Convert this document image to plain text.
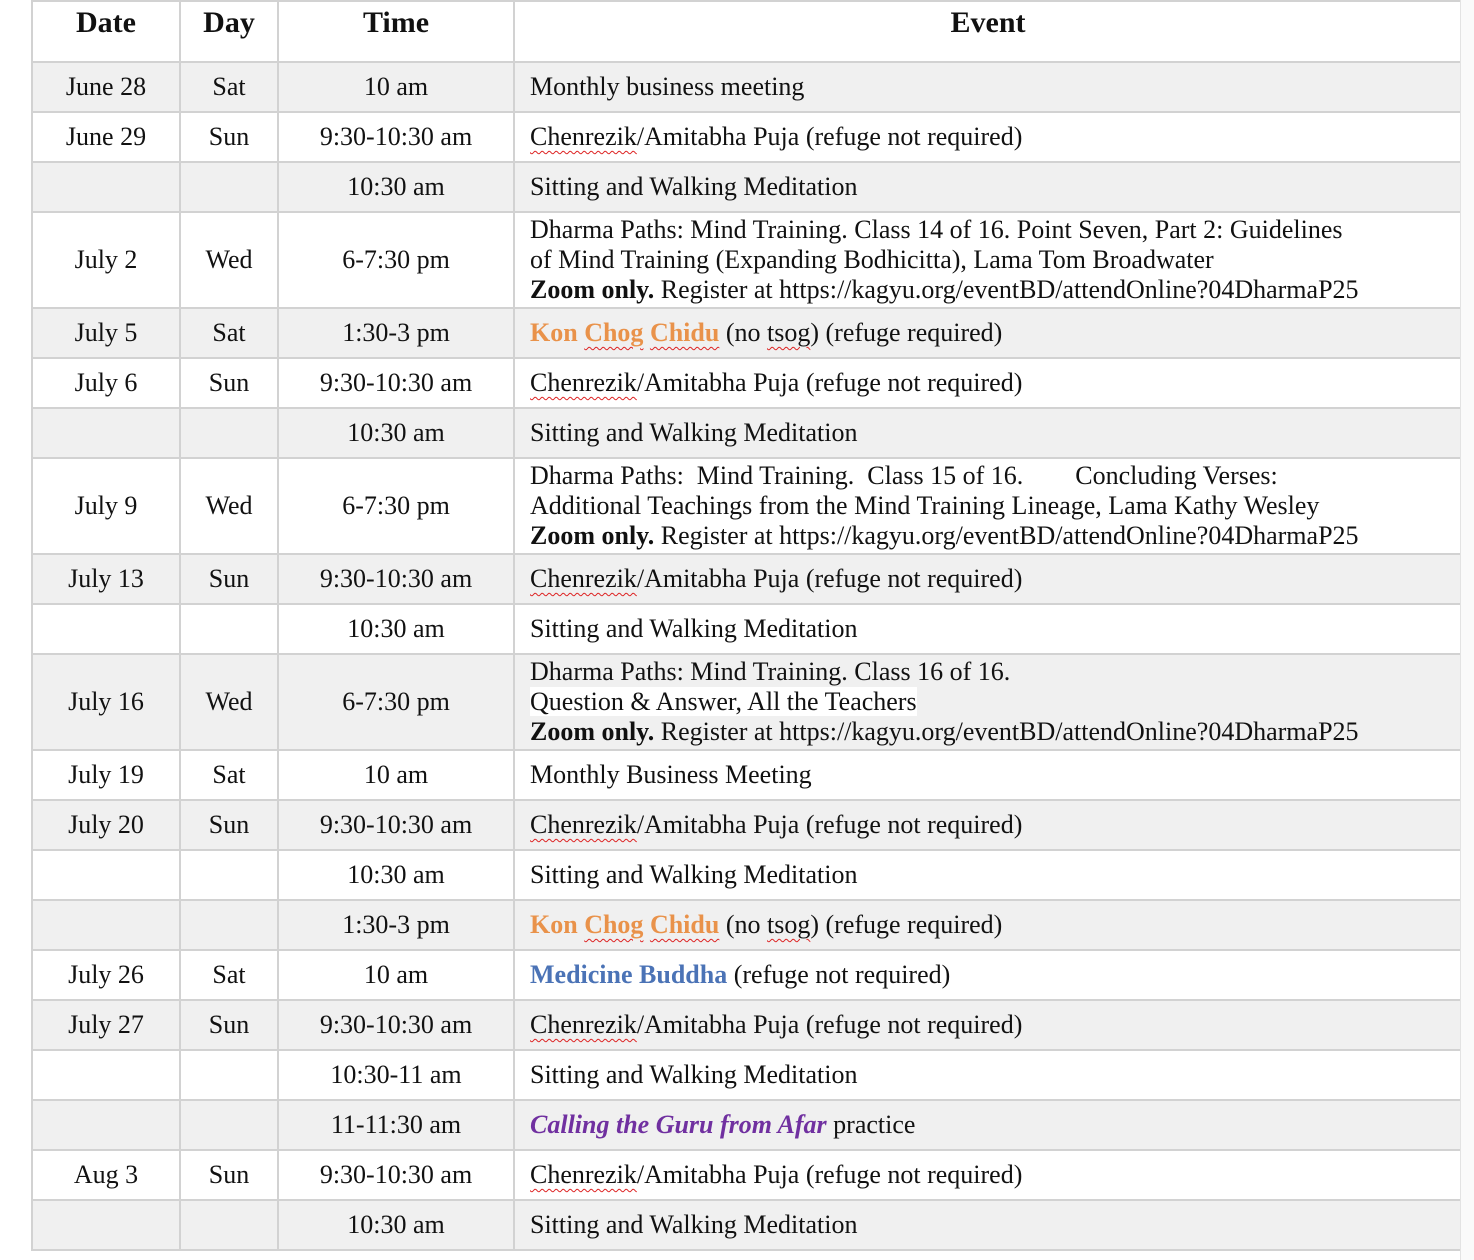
Date	Day	Time	Event
June 28	Sat	10 am	Monthly business meeting
June 29	Sun	9:30-10:30 am	Chenrezik/Amitabha Puja (refuge not required)
		10:30 am	Sitting and Walking Meditation
July 2	Wed	6-7:30 pm	Dharma Paths: Mind Training. Class 14 of 16. Point Seven, Part 2: Guidelines
of Mind Training (Expanding Bodhicitta), Lama Tom Broadwater
Zoom only. Register at https://kagyu.org/eventBD/attendOnline?04DharmaP25

July 5	Sat	1:30-3 pm	Kon Chog Chidu (no tsog) (refuge required)
July 6	Sun	9:30-10:30 am	Chenrezik/Amitabha Puja (refuge not required)
		10:30 am	Sitting and Walking Meditation
July 9	Wed	6-7:30 pm	Dharma Paths:  Mind Training.  Class 15 of 16.        Concluding Verses:
Additional Teachings from the Mind Training Lineage, Lama Kathy Wesley
Zoom only. Register at https://kagyu.org/eventBD/attendOnline?04DharmaP25

July 13	Sun	9:30-10:30 am	Chenrezik/Amitabha Puja (refuge not required)
		10:30 am	Sitting and Walking Meditation
July 16	Wed	6-7:30 pm	Dharma Paths: Mind Training. Class 16 of 16.
Question & Answer, All the Teachers
Zoom only. Register at https://kagyu.org/eventBD/attendOnline?04DharmaP25

July 19	Sat	10 am	Monthly Business Meeting
July 20	Sun	9:30-10:30 am	Chenrezik/Amitabha Puja (refuge not required)
		10:30 am	Sitting and Walking Meditation
		1:30-3 pm	Kon Chog Chidu (no tsog) (refuge required)
July 26	Sat	10 am	Medicine Buddha (refuge not required)
July 27	Sun	9:30-10:30 am	Chenrezik/Amitabha Puja (refuge not required)
		10:30-11 am	Sitting and Walking Meditation
		11-11:30 am	Calling the Guru from Afar practice
Aug 3	Sun	9:30-10:30 am	Chenrezik/Amitabha Puja (refuge not required)
		10:30 am	Sitting and Walking Meditation
